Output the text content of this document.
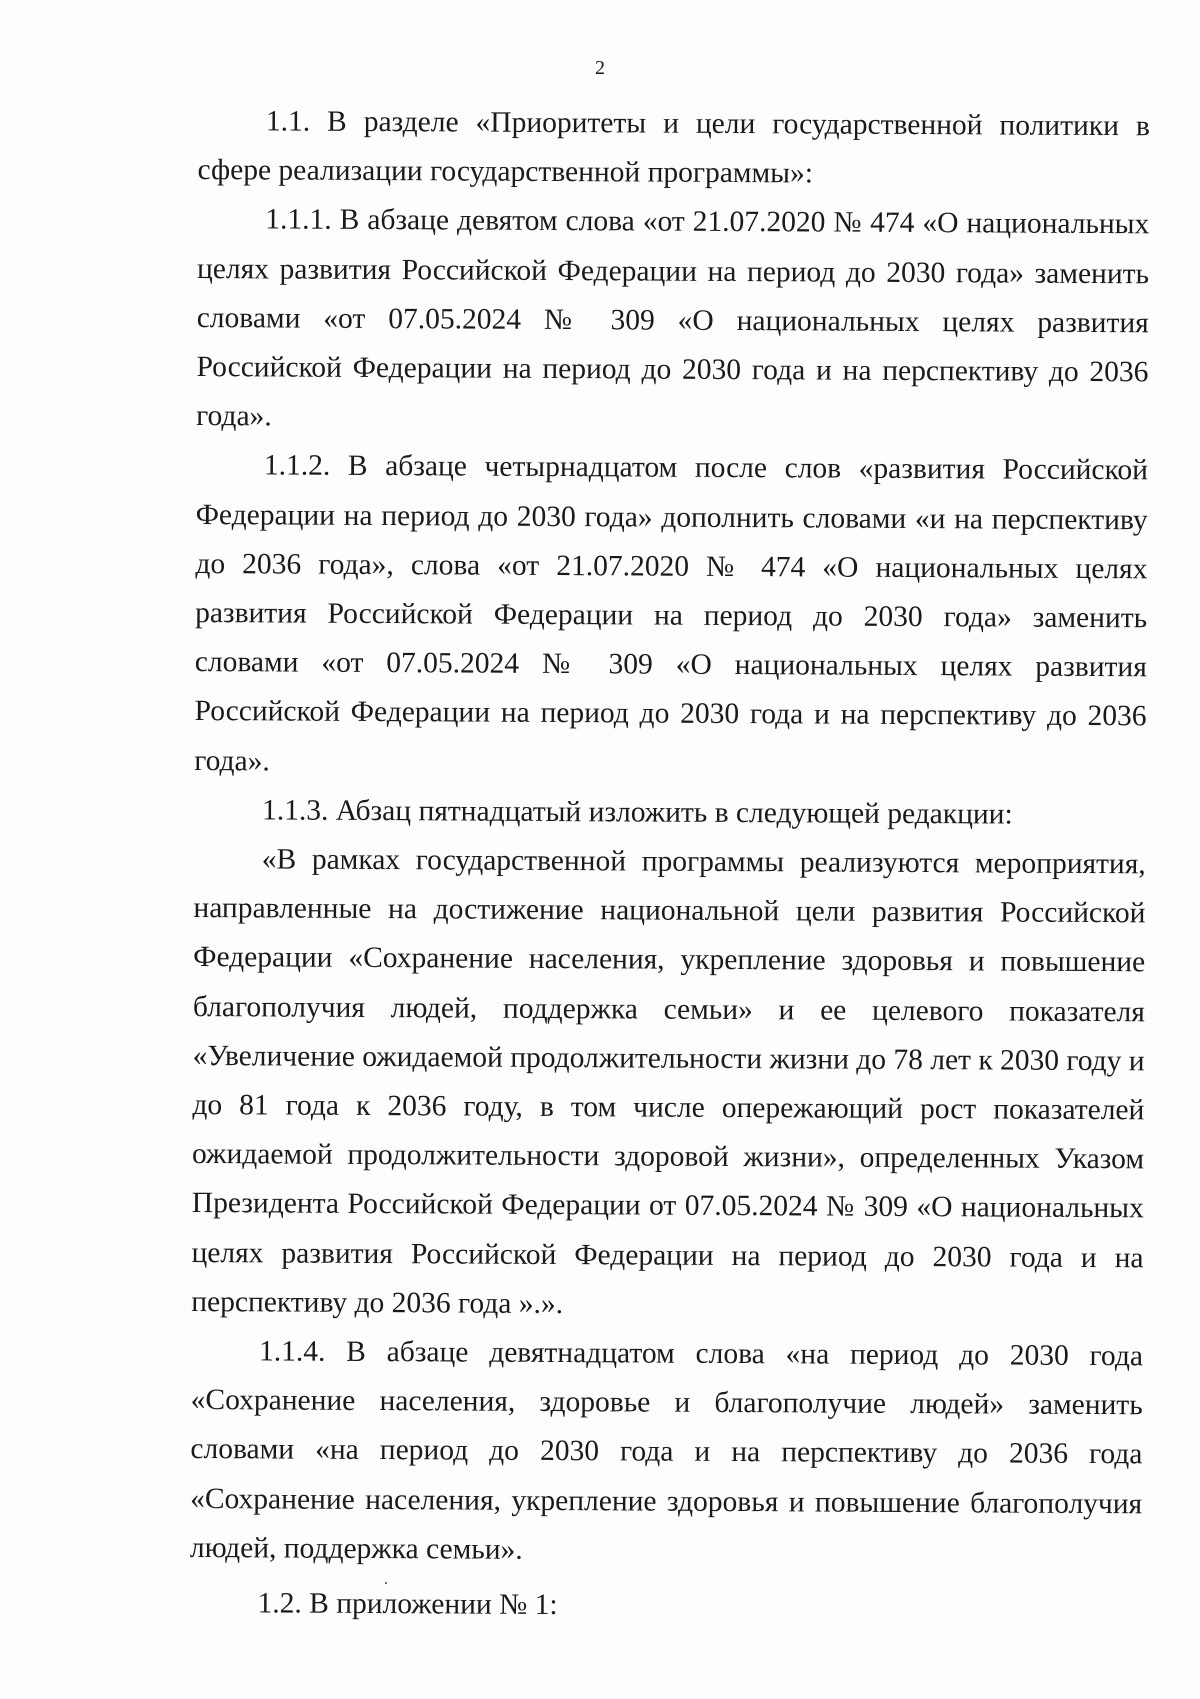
2

1.1. В разделе «Приоритеты и цели государственной политики в сфере реализации государственной программы»:

1.1.1. В абзаце девятом слова «от 21.07.2020 № 474 «О национальных целях развития Российской Федерации на период до 2030 года» заменить словами «от 07.05.2024 № 309 «О национальных целях развития Российской Федерации на период до 2030 года и на перспективу до 2036 года».

1.1.2. В абзаце четырнадцатом после слов «развития Российской Федерации на период до 2030 года» дополнить словами «и на перспективу до 2036 года», слова «от 21.07.2020 № 474 «О национальных целях развития Российской Федерации на период до 2030 года» заменить словами «от 07.05.2024 № 309 «О национальных целях развития Российской Федерации на период до 2030 года и на перспективу до 2036 года».

1.1.3. Абзац пятнадцатый изложить в следующей редакции:

«В рамках государственной программы реализуются мероприятия, направленные на достижение национальной цели развития Российской Федерации «Сохранение населения, укрепление здоровья и повышение благополучия людей, поддержка семьи» и ее целевого показателя «Увеличение ожидаемой продолжительности жизни до 78 лет к 2030 году и до 81 года к 2036 году, в том числе опережающий рост показателей ожидаемой продолжительности здоровой жизни», определенных Указом Президента Российской Федерации от 07.05.2024 № 309 «О национальных целях развития Российской Федерации на период до 2030 года и на перспективу до 2036 года ».».

1.1.4. В абзаце девятнадцатом слова «на период до 2030 года «Сохранение населения, здоровье и благополучие людей» заменить словами «на период до 2030 года и на перспективу до 2036 года «Сохранение населения, укрепление здоровья и повышение благополучия людей, поддержка семьи».

1.2. В приложении № 1:
